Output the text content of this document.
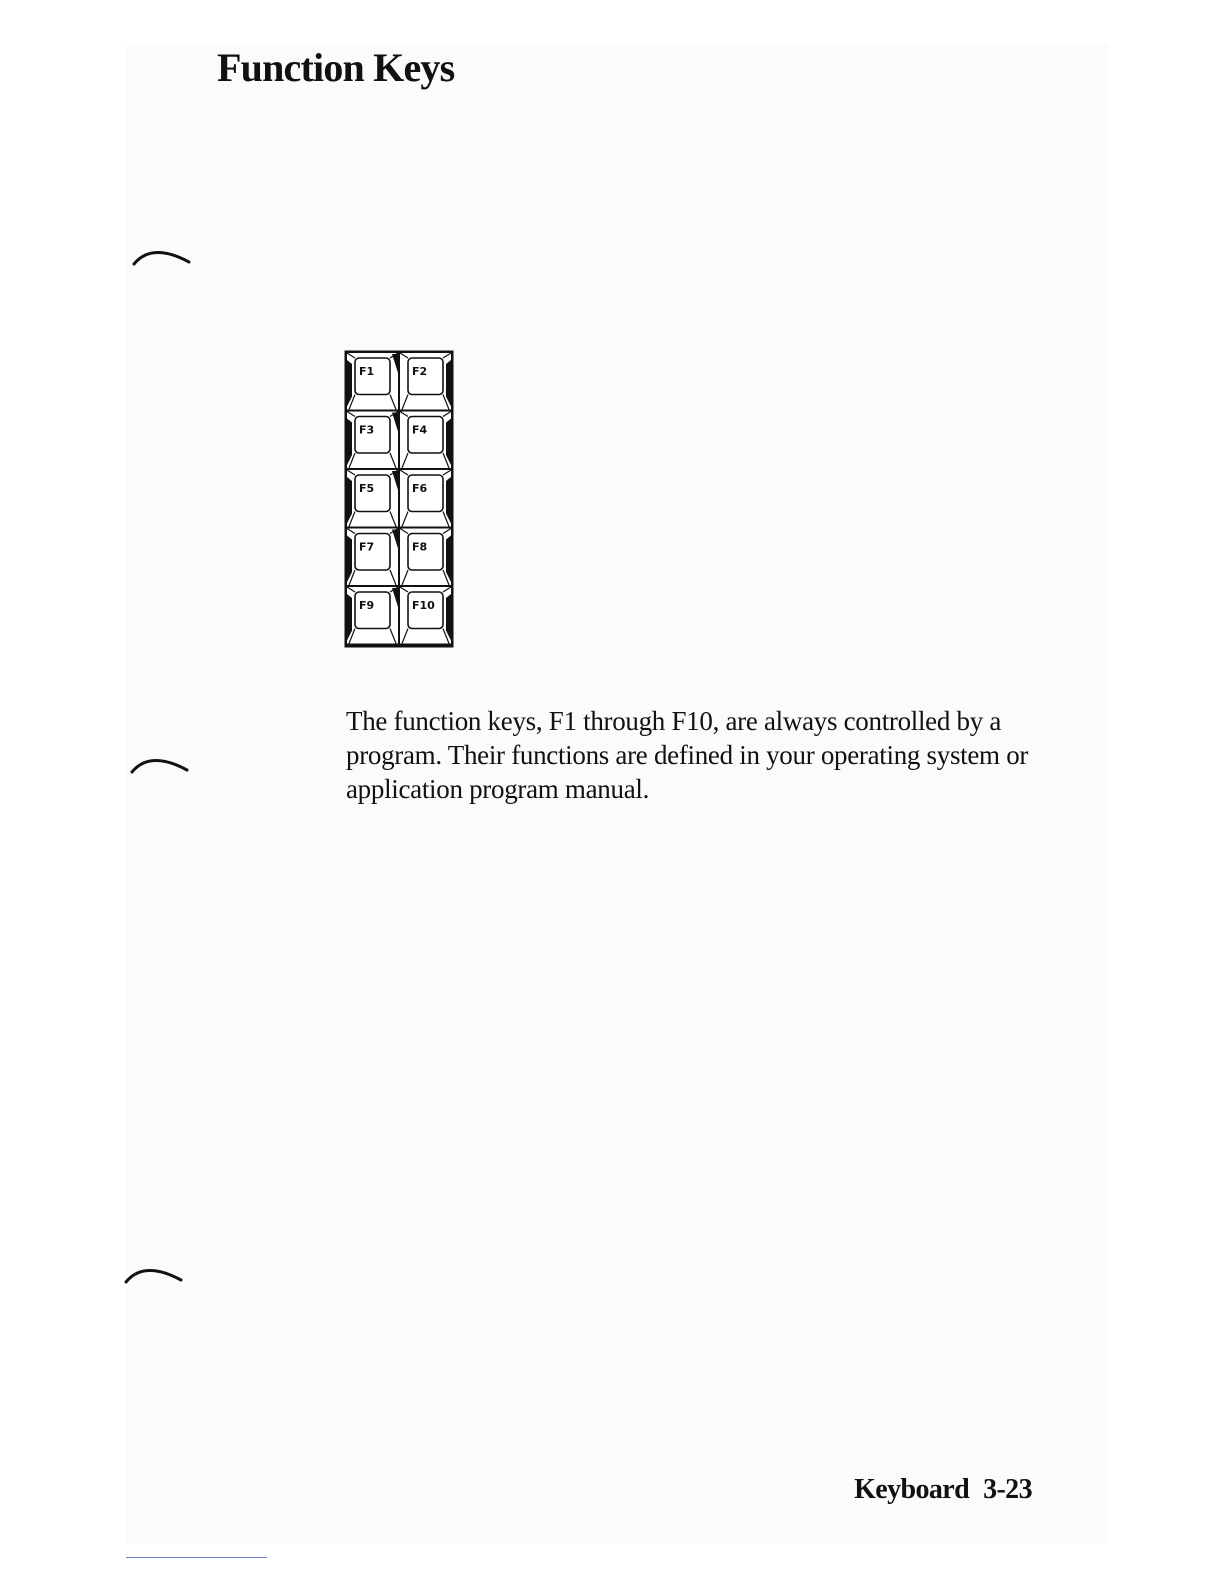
Function Keys
F1	F2
F3	F4
F5	F6
F7	F8
F9	F10

The function keys, F1 through F10, are always controlled by a program. Their functions are defined in your operating system or application program manual.

Keyboard 3-23
